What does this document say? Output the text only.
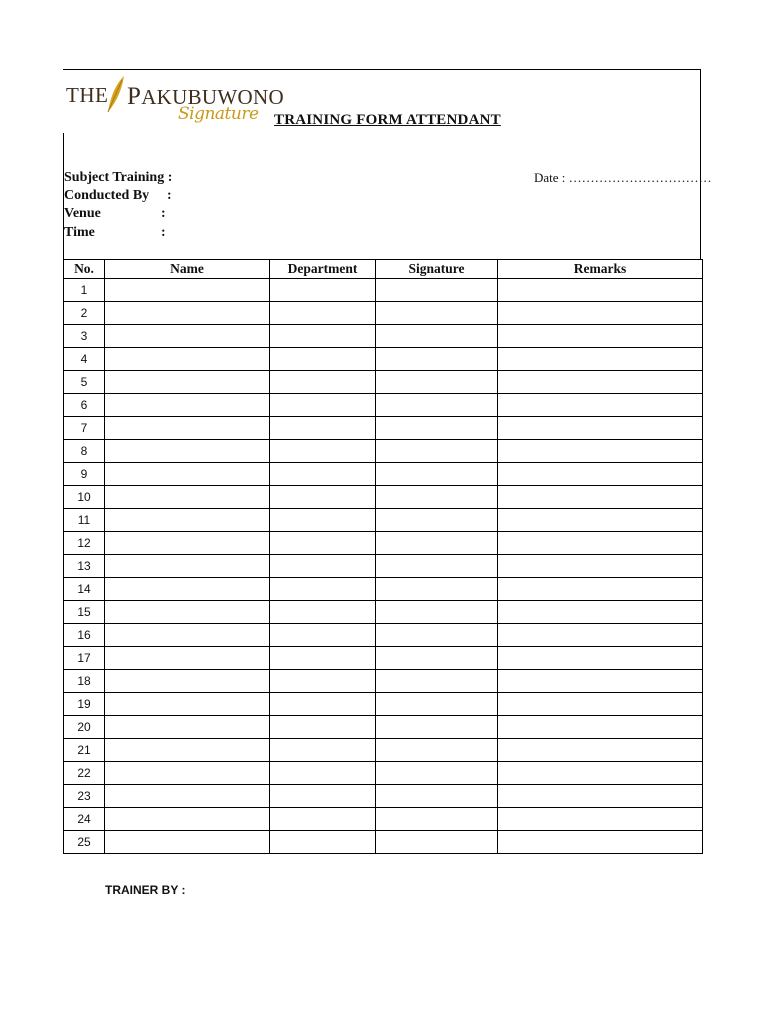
THE PAKUBUWONO
Signature TRAINING FORM ATTENDANT
Subject Training :
Conducted By :
Venue	:
Time	:
Date : ……………………………
No.	Name	Department	Signature	Remarks
1				
2				
3				
4				
5				
6				
7				
8				
9				
10				
11				
12				
13				
14				
15				
16				
17				
18				
19				
20				
21				
22				
23				
24				
25				
TRAINER BY :
